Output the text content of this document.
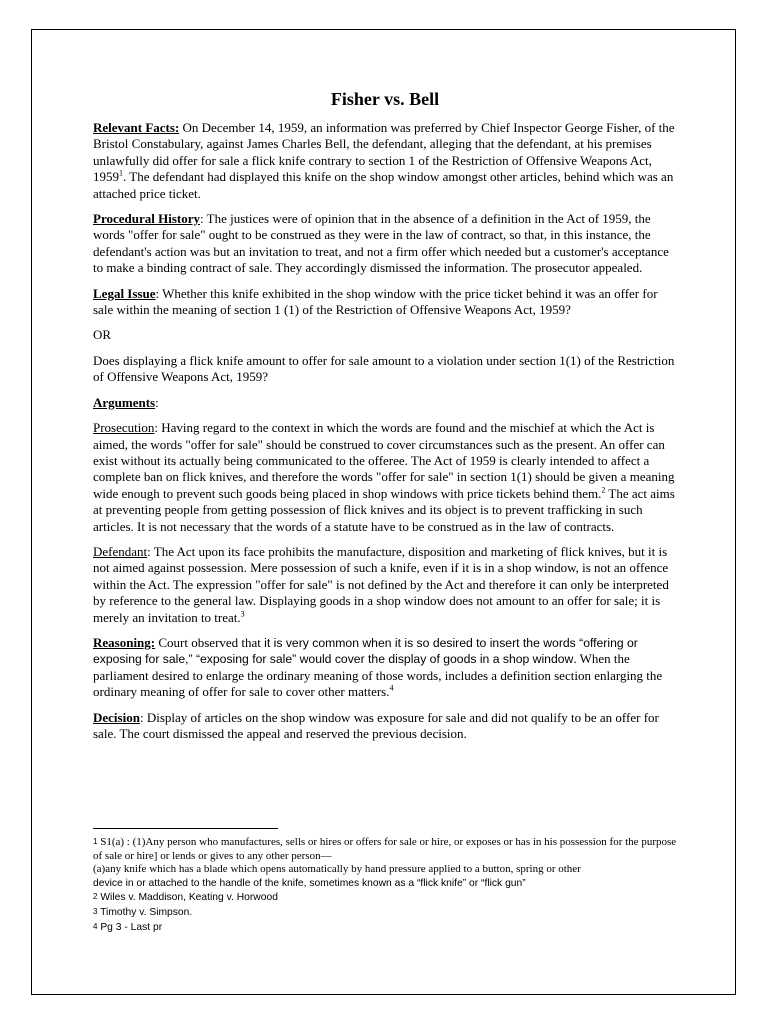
Fisher vs. Bell

Relevant Facts: On December 14, 1959, an information was preferred by Chief Inspector George Fisher, of the Bristol Constabulary, against James Charles Bell, the defendant, alleging that the defendant, at his premises unlawfully did offer for sale a flick knife contrary to section 1 of the Restriction of Offensive Weapons Act, 1959$^1$. The defendant had displayed this knife on the shop window amongst other articles, behind which was an attached price ticket.

Procedural History: The justices were of opinion that in the absence of a definition in the Act of 1959, the words "offer for sale" ought to be construed as they were in the law of contract, so that, in this instance, the defendant's action was but an invitation to treat, and not a firm offer which needed but a customer's acceptance to make a binding contract of sale. They accordingly dismissed the information. The prosecutor appealed.

Legal Issue: Whether this knife exhibited in the shop window with the price ticket behind it was an offer for sale within the meaning of section 1 (1) of the Restriction of Offensive Weapons Act, 1959?

OR

Does displaying a flick knife amount to offer for sale amount to a violation under section 1(1) of the Restriction of Offensive Weapons Act, 1959?

Arguments:

Prosecution: Having regard to the context in which the words are found and the mischief at which the Act is aimed, the words "offer for sale" should be construed to cover circumstances such as the present. An offer can exist without its actually being communicated to the offeree. The Act of 1959 is clearly intended to affect a complete ban on flick knives, and therefore the words "offer for sale" in section 1(1) should be given a meaning wide enough to prevent such goods being placed in shop windows with price tickets behind them.$^2$ The act aims at preventing people from getting possession of flick knives and its object is to prevent trafficking in such articles. It is not necessary that the words of a statute have to be construed as in the law of contracts.

Defendant: The Act upon its face prohibits the manufacture, disposition and marketing of flick knives, but it is not aimed against possession. Mere possession of such a knife, even if it is in a shop window, is not an offence within the Act. The expression "offer for sale" is not defined by the Act and therefore it can only be interpreted by reference to the general law. Displaying goods in a shop window does not amount to an offer for sale; it is merely an invitation to treat.$^3$

Reasoning: Court observed that it is very common when it is so desired to insert the words “offering or exposing for sale,” “exposing for sale” would cover the display of goods in a shop window. When the parliament desired to enlarge the ordinary meaning of those words, includes a definition section enlarging the ordinary meaning of offer for sale to cover other matters.$^4$

Decision: Display of articles on the shop window was exposure for sale and did not qualify to be an offer for sale. The court dismissed the appeal and reserved the previous decision.

1 S1(a) : (1)Any person who manufactures, sells or hires or offers for sale or hire, or exposes or has in his possession for the purpose of sale or hire] or lends or gives to any other person—

(a)any knife which has a blade which opens automatically by hand pressure applied to a button, spring or other

device in or attached to the handle of the knife, sometimes known as a “flick knife” or “flick gun”

2 Wiles v. Maddison, Keating v. Horwood

3 Timothy v. Simpson.

4 Pg 3 - Last pr
